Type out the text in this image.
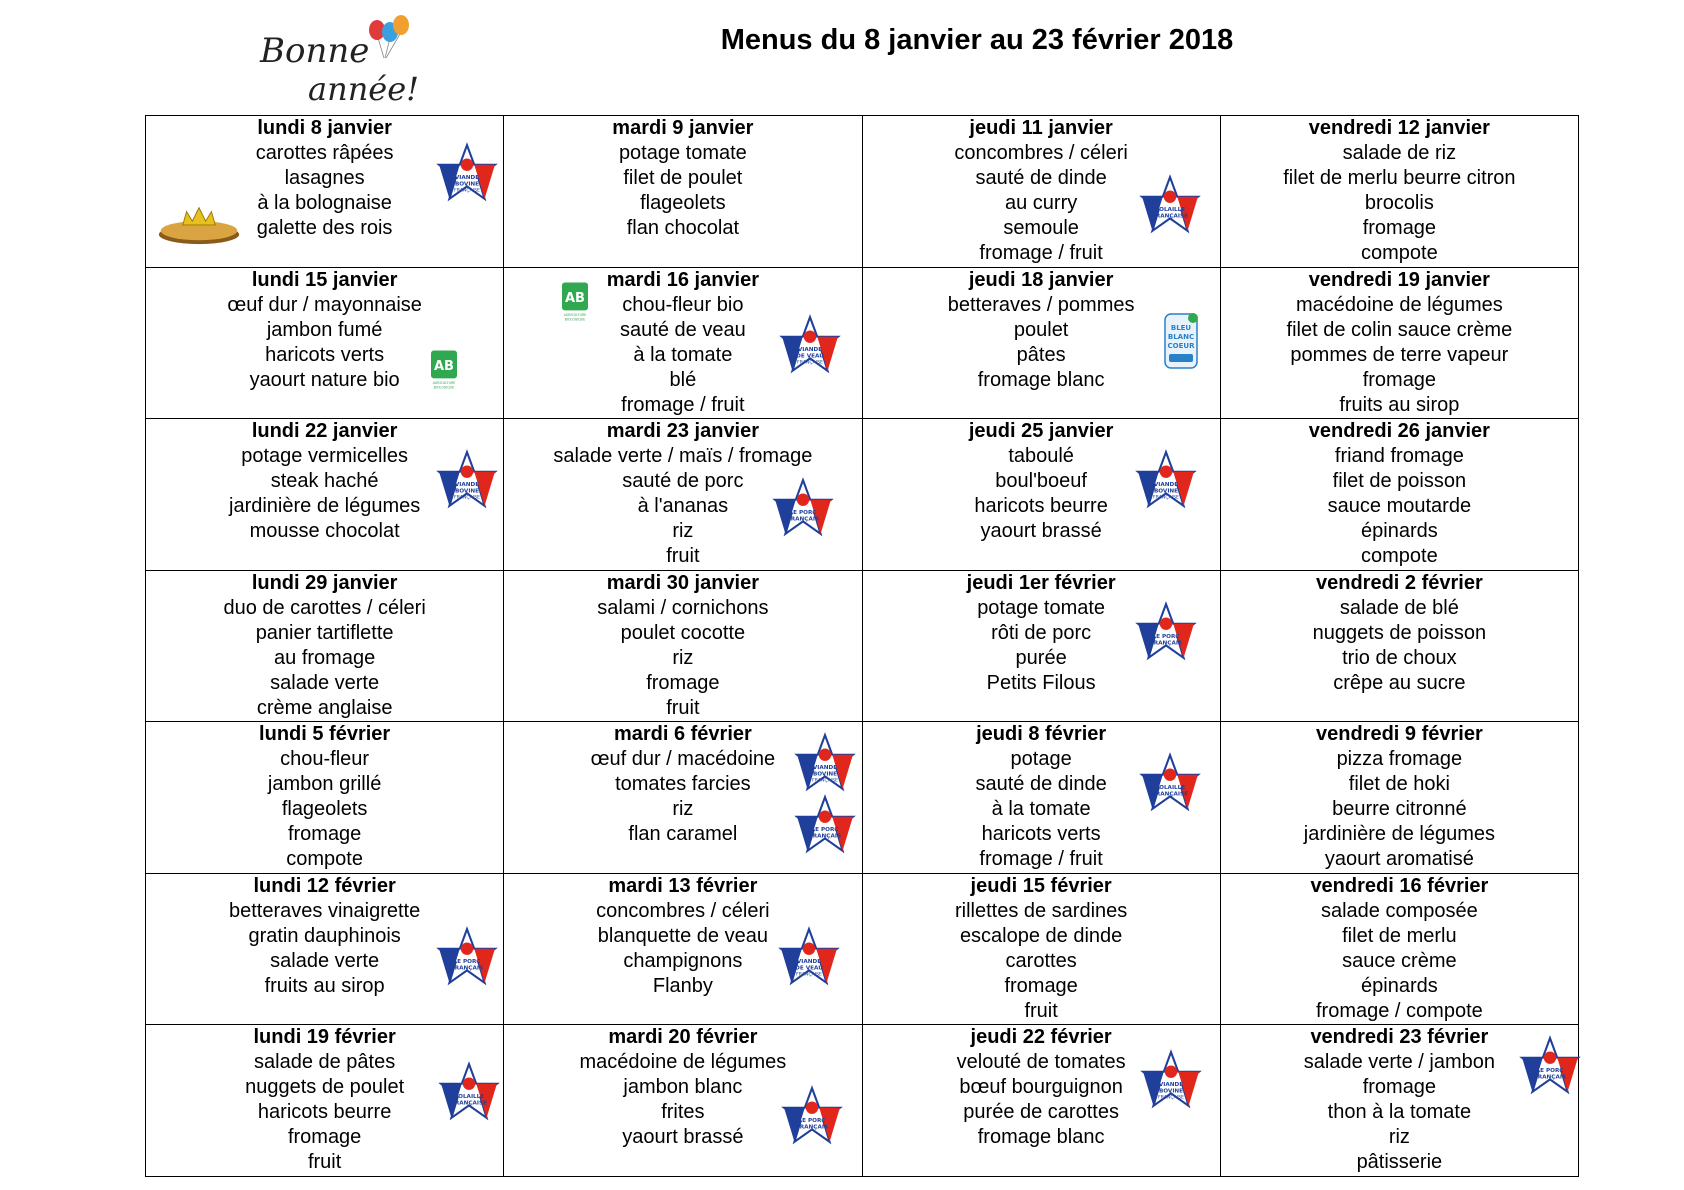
Bonne
année!
Menus du 8 janvier au 23 février 2018
lundi 8 janvier
carottes râpées
lasagnes
à la bolognaise
galette des rois
VIANDE
BOVINE
FRANÇAISE
mardi 9 janvier
potage tomate
filet de poulet
flageolets
flan chocolat
jeudi 11 janvier
concombres / céleri
sauté de dinde
au curry
semoule
fromage / fruit
VOLAILLE
FRANÇAISE
vendredi 12 janvier
salade de riz
filet de merlu beurre citron
brocolis
fromage
compote
lundi 15 janvier
œuf dur / mayonnaise
jambon fumé
haricots verts
yaourt nature bio
AB
AGRICULTURE
BIOLOGIQUE
mardi 16 janvier
chou-fleur bio
sauté de veau
à la tomate
blé
fromage / fruit
AB
AGRICULTURE
BIOLOGIQUE
VIANDE
DE VEAU
FRANÇAISE
jeudi 18 janvier
betteraves / pommes
poulet
pâtes
fromage blanc
BLEU
BLANC
COEUR
vendredi 19 janvier
macédoine de légumes
filet de colin sauce crème
pommes de terre vapeur
fromage
fruits au sirop
lundi 22 janvier
potage vermicelles
steak haché
jardinière de légumes
mousse chocolat
VIANDE
BOVINE
FRANÇAISE
mardi 23 janvier
salade verte / maïs / fromage
sauté de porc
à l'ananas
riz
fruit
LE PORC
FRANÇAIS
jeudi 25 janvier
taboulé
boul'boeuf
haricots beurre
yaourt brassé
VIANDE
BOVINE
FRANÇAISE
vendredi 26 janvier
friand fromage
filet de poisson
sauce moutarde
épinards
compote
lundi 29 janvier
duo de carottes / céleri
panier tartiflette
au fromage
salade verte
crème anglaise
mardi 30 janvier
salami / cornichons
poulet cocotte
riz
fromage
fruit
jeudi 1er février
potage tomate
rôti de porc
purée
Petits Filous
LE PORC
FRANÇAIS
vendredi 2 février
salade de blé
nuggets de poisson
trio de choux
crêpe au sucre
lundi 5 février
chou-fleur
jambon grillé
flageolets
fromage
compote
mardi 6 février
œuf dur / macédoine
tomates farcies
riz
flan caramel
VIANDE
BOVINE
FRANÇAISE
LE PORC
FRANÇAIS
jeudi 8 février
potage
sauté de dinde
à la tomate
haricots verts
fromage / fruit
VOLAILLE
FRANÇAISE
vendredi 9 février
pizza fromage
filet de hoki
beurre citronné
jardinière de légumes
yaourt aromatisé
lundi 12 février
betteraves vinaigrette
gratin dauphinois
salade verte
fruits au sirop
LE PORC
FRANÇAIS
mardi 13 février
concombres / céleri
blanquette de veau
champignons
Flanby
VIANDE
DE VEAU
FRANÇAISE
jeudi 15 février
rillettes de sardines
escalope de dinde
carottes
fromage
fruit
vendredi 16 février
salade composée
filet de merlu
sauce crème
épinards
fromage / compote
lundi 19 février
salade de pâtes
nuggets de poulet
haricots beurre
fromage
fruit
VOLAILLE
FRANÇAISE
mardi 20 février
macédoine de légumes
jambon blanc
frites
yaourt brassé
LE PORC
FRANÇAIS
jeudi 22 février
velouté de tomates
bœuf bourguignon
purée de carottes
fromage blanc
VIANDE
BOVINE
FRANÇAISE
vendredi 23 février
salade verte / jambon
fromage
thon à la tomate
riz
pâtisserie
LE PORC
FRANÇAIS
